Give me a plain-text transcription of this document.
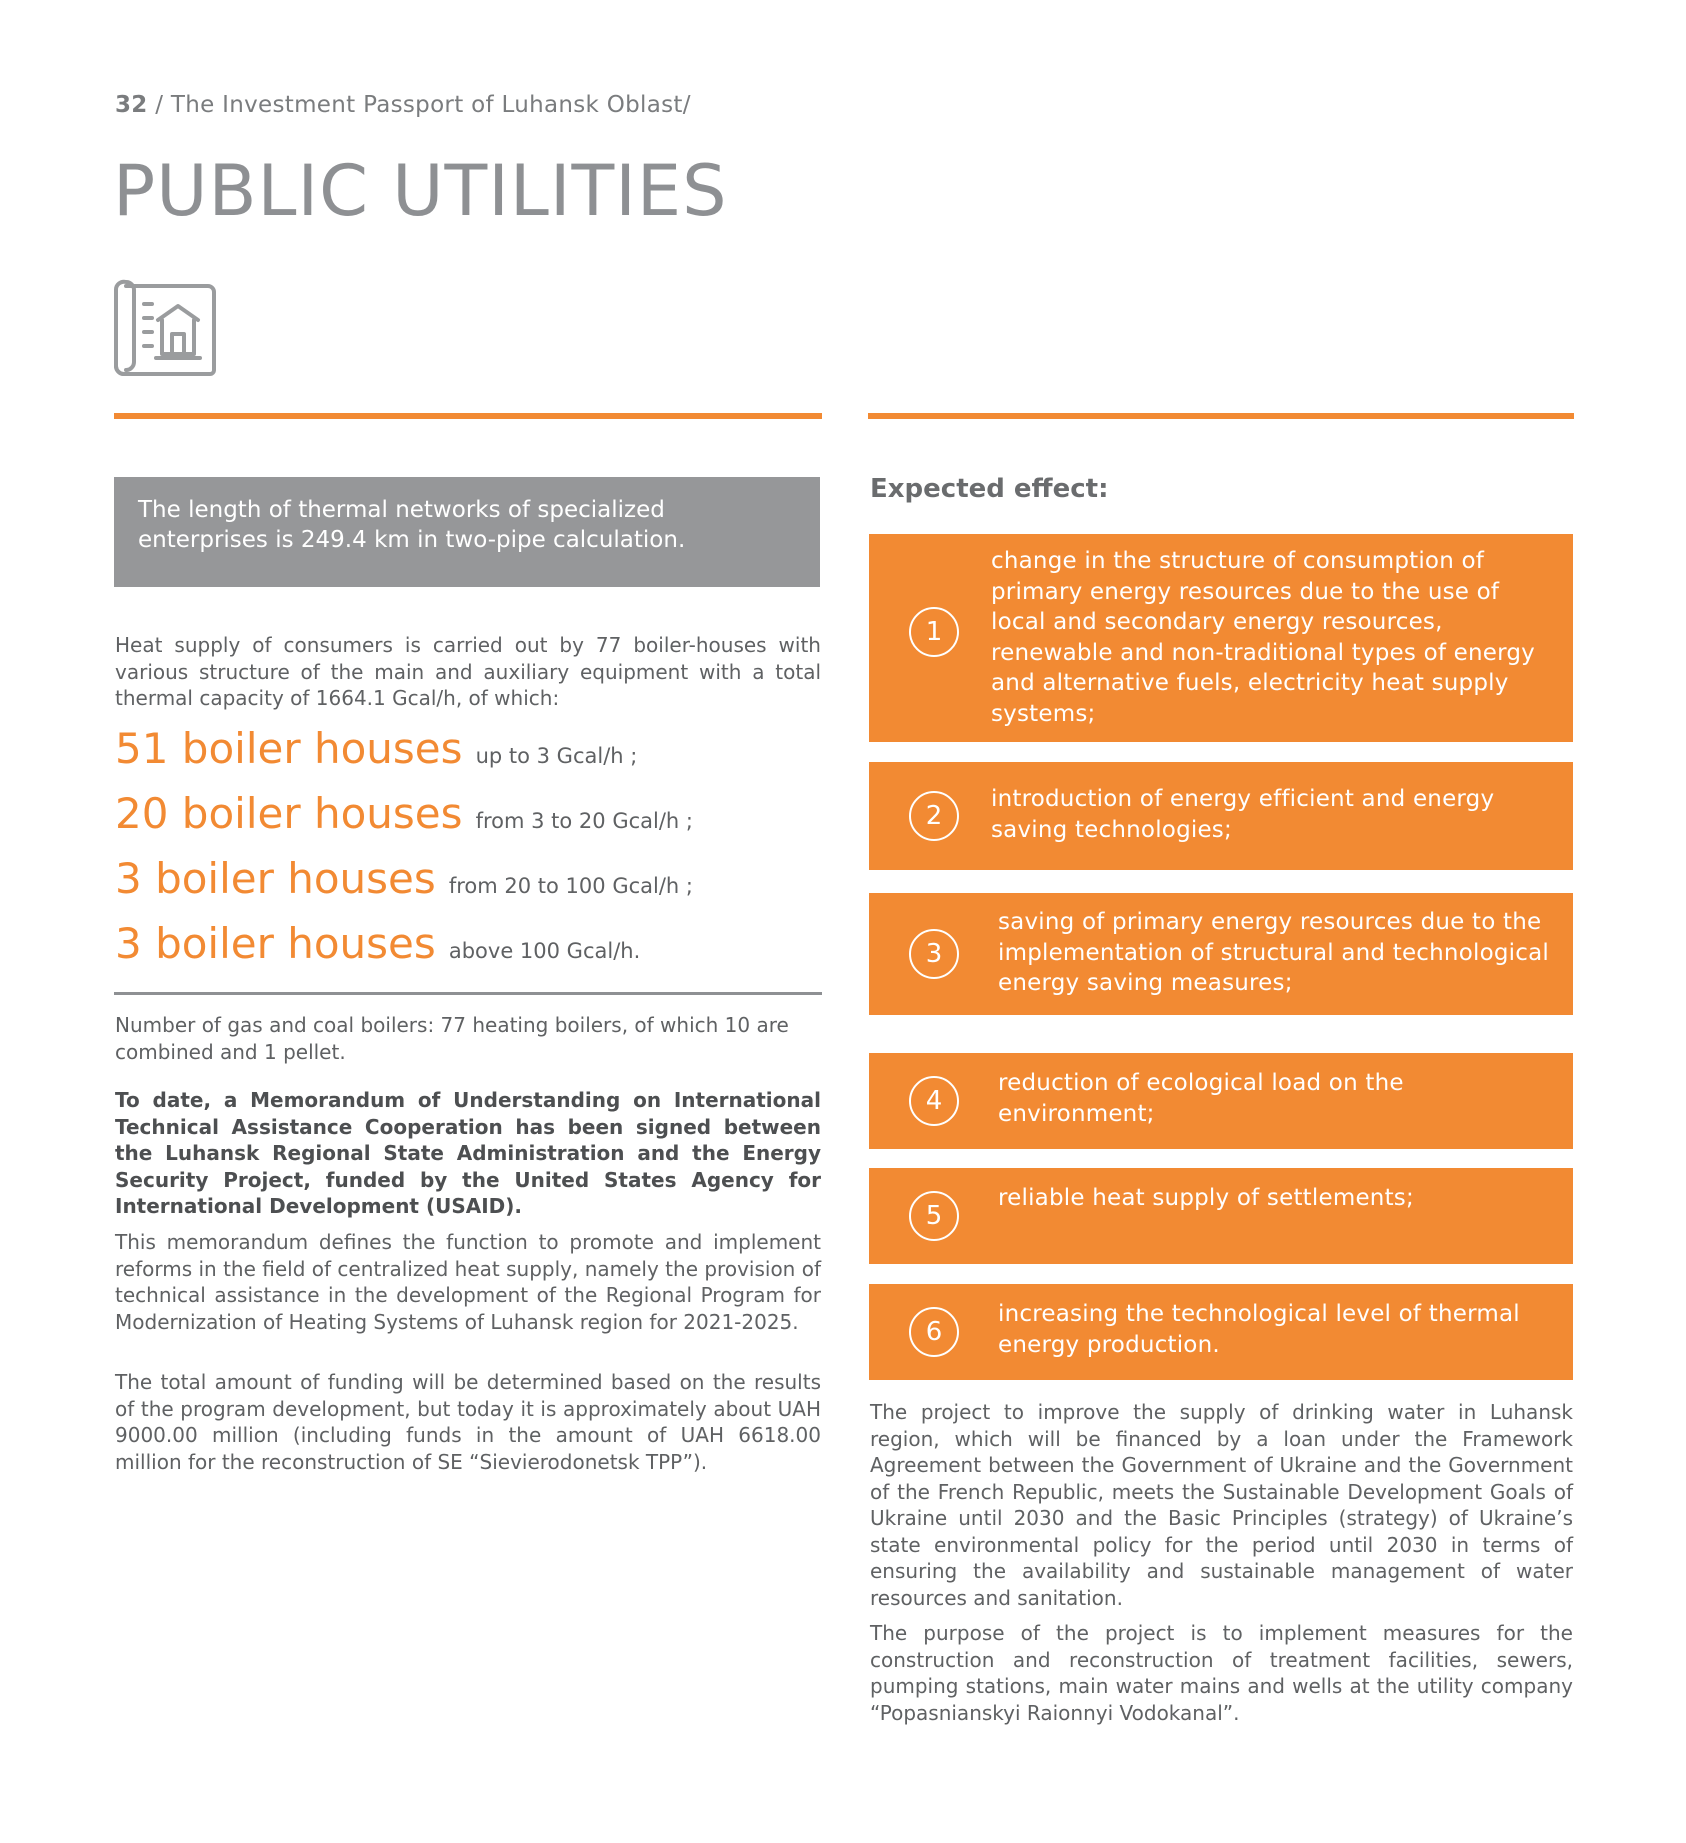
32 / The Investment Passport of Luhansk Oblast/
PUBLIC UTILITIES
The length of thermal networks of specialized enterprises is 249.4 km in two-pipe calculation.

Heat supply of consumers is carried out by 77 boiler-houses with various structure of the main and auxiliary equipment with a total thermal capacity of 1664.1 Gcal/h, of which:

51 boiler houses up to 3 Gcal/h ;
20 boiler houses from 3 to 20 Gcal/h ;
3 boiler houses from 20 to 100 Gcal/h ;
3 boiler houses above 100 Gcal/h.

Number of gas and coal boilers: 77 heating boilers, of which 10 are combined and 1 pellet.

To date, a Memorandum of Understanding on International Technical Assistance Cooperation has been signed between the Luhansk Regional State Administration and the Energy Security Project, funded by the United States Agency for International Development (USAID).

This memorandum defines the function to promote and implement reforms in the field of centralized heat supply, namely the provision of technical assistance in the development of the Regional Program for Modernization of Heating Systems of Luhansk region for 2021-2025.

The total amount of funding will be determined based on the results of the program development, but today it is approximately about UAH 9000.00 million (including funds in the amount of UAH 6618.00 million for the reconstruction of SE “Sievierodonetsk TPP”).

Expected effect:
1
change in the structure of consumption of primary energy resources due to the use of local and secondary energy resources, renewable and non-traditional types of energy and alternative fuels, electricity heat supply systems;
2
introduction of energy efficient and energy saving technologies;
3
saving of primary energy resources due to the implementation of structural and technological energy saving measures;
4
reduction of ecological load on the environment;
5
reliable heat supply of settlements;
6
increasing the technological level of thermal energy production.

The project to improve the supply of drinking water in Luhansk region, which will be financed by a loan under the Framework Agreement between the Government of Ukraine and the Government of the French Republic, meets the Sustainable Development Goals of Ukraine until 2030 and the Basic Principles (strategy) of Ukraine’s state environmental policy for the period until 2030 in terms of ensuring the availability and sustainable management of water resources and sanitation.

The purpose of the project is to implement measures for the construction and reconstruction of treatment facilities, sewers, pumping stations, main water mains and wells at the utility company “Popasnianskyi Raionnyi Vodokanal”.
